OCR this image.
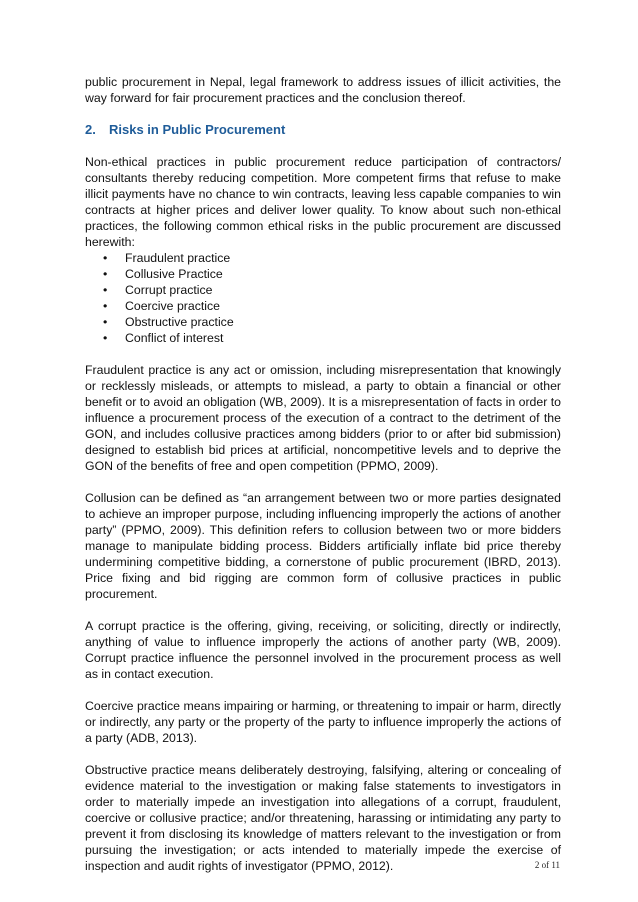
public procurement in Nepal, legal framework to address issues of illicit activities, the way forward for fair procurement practices and the conclusion thereof.

2.	Risks in Public Procurement

Non-ethical practices in public procurement reduce participation of contractors/ consultants thereby reducing competition. More competent firms that refuse to make illicit payments have no chance to win contracts, leaving less capable companies to win contracts at higher prices and deliver lower quality. To know about such non-ethical practices, the following common ethical risks in the public procurement are discussed herewith:

• Fraudulent practice
• Collusive Practice
• Corrupt practice
• Coercive practice
• Obstructive practice
• Conflict of interest

Fraudulent practice is any act or omission, including misrepresentation that knowingly or recklessly misleads, or attempts to mislead, a party to obtain a financial or other benefit or to avoid an obligation (WB, 2009). It is a misrepresentation of facts in order to influence a procurement process of the execution of a contract to the detriment of the GON, and includes collusive practices among bidders (prior to or after bid submission) designed to establish bid prices at artificial, noncompetitive levels and to deprive the GON of the benefits of free and open competition (PPMO, 2009).

Collusion can be defined as “an arrangement between two or more parties designated to achieve an improper purpose, including influencing improperly the actions of another party” (PPMO, 2009). This definition refers to collusion between two or more bidders manage to manipulate bidding process. Bidders artificially inflate bid price thereby undermining competitive bidding, a cornerstone of public procurement (IBRD, 2013). Price fixing and bid rigging are common form of collusive practices in public procurement.

A corrupt practice is the offering, giving, receiving, or soliciting, directly or indirectly, anything of value to influence improperly the actions of another party (WB, 2009). Corrupt practice influence the personnel involved in the procurement process as well as in contact execution.

Coercive practice means impairing or harming, or threatening to impair or harm, directly or indirectly, any party or the property of the party to influence improperly the actions of a party (ADB, 2013).

Obstructive practice means deliberately destroying, falsifying, altering or concealing of evidence material to the investigation or making false statements to investigators in order to materially impede an investigation into allegations of a corrupt, fraudulent, coercive or collusive practice; and/or threatening, harassing or intimidating any party to prevent it from disclosing its knowledge of matters relevant to the investigation or from pursuing the investigation; or acts intended to materially impede the exercise of inspection and audit rights of investigator (PPMO, 2012).	2 of 11
